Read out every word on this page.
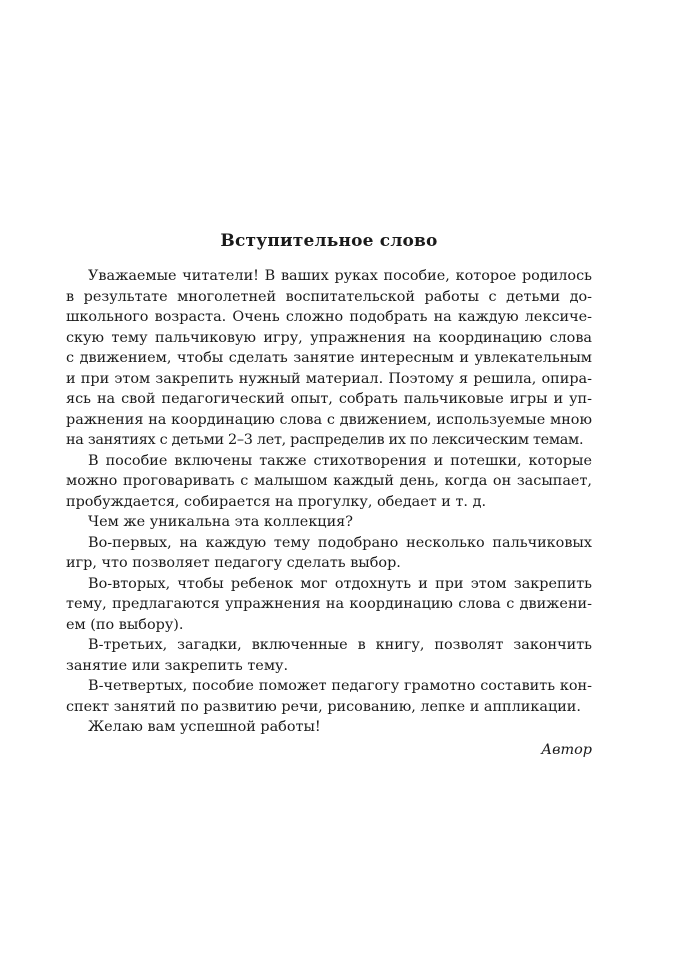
Вступительное слово

Уважаемые читатели! В ваших руках пособие, которое родилось
в результате многолетней воспитательской работы с детьми до-
школьного возраста. Очень сложно подобрать на каждую лексиче-
скую тему пальчиковую игру, упражнения на координацию слова
с движением, чтобы сделать занятие интересным и увлекательным
и при этом закрепить нужный материал. Поэтому я решила, опира-
ясь на свой педагогический опыт, собрать пальчиковые игры и уп-
ражнения на координацию слова с движением, используемые мною
на занятиях с детьми 2–3 лет, распределив их по лексическим темам.

В пособие включены также стихотворения и потешки, которые
можно проговаривать с малышом каждый день, когда он засыпает,
пробуждается, собирается на прогулку, обедает и т. д.

Чем же уникальна эта коллекция?

Во-первых, на каждую тему подобрано несколько пальчиковых
игр, что позволяет педагогу сделать выбор.

Во-вторых, чтобы ребенок мог отдохнуть и при этом закрепить
тему, предлагаются упражнения на координацию слова с движени-
ем (по выбору).

В-третьих, загадки, включенные в книгу, позволят закончить
занятие или закрепить тему.

В-четвертых, пособие поможет педагогу грамотно составить кон-
спект занятий по развитию речи, рисованию, лепке и аппликации.

Желаю вам успешной работы!

Автор
